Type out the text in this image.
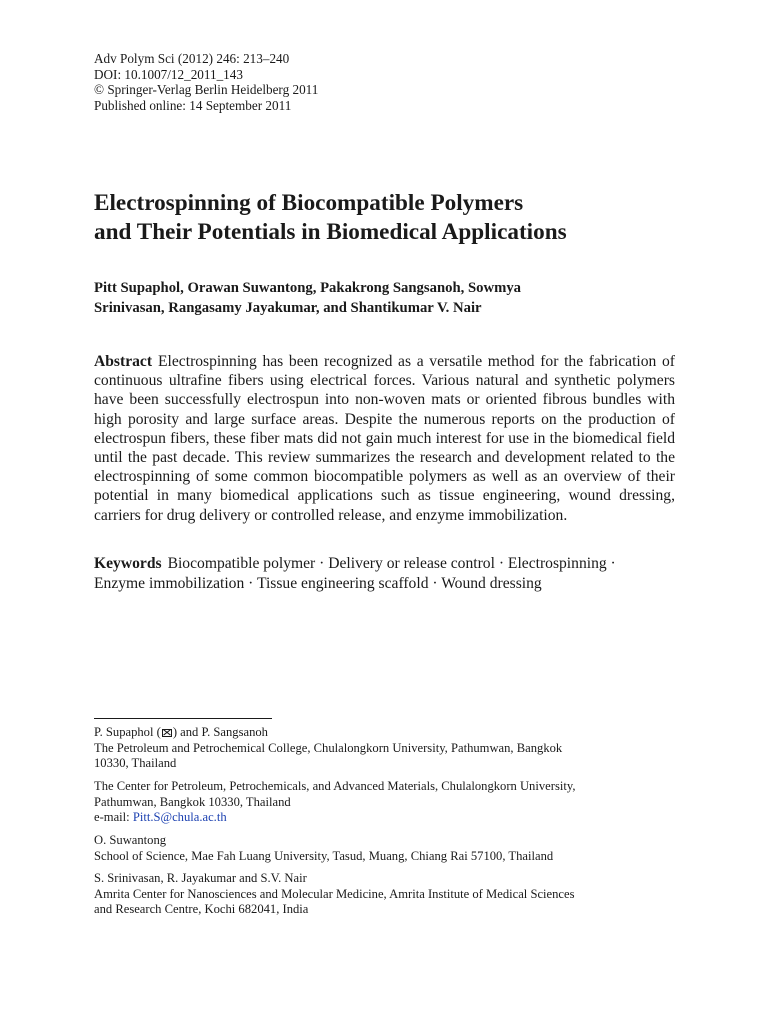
Adv Polym Sci (2012) 246: 213–240
DOI: 10.1007/12_2011_143
© Springer-Verlag Berlin Heidelberg 2011
Published online: 14 September 2011
Electrospinning of Biocompatible Polymers
and Their Potentials in Biomedical Applications
Pitt Supaphol, Orawan Suwantong, Pakakrong Sangsanoh, Sowmya
Srinivasan, Rangasamy Jayakumar, and Shantikumar V. Nair

Abstract Electrospinning has been recognized as a versatile method for the fabrication of continuous ultrafine fibers using electrical forces. Various natural and synthetic polymers have been successfully electrospun into non-woven mats or oriented fibrous bundles with high porosity and large surface areas. Despite the numerous reports on the production of electrospun fibers, these fiber mats did not gain much interest for use in the biomedical field until the past decade. This review summarizes the research and development related to the electrospinning of some common biocompatible polymers as well as an overview of their potential in many biomedical applications such as tissue engineering, wound dressing, carriers for drug delivery or controlled release, and enzyme immobilization.

Keywords Biocompatible polymer · Delivery or release control · Electrospinning ·
Enzyme immobilization · Tissue engineering scaffold · Wound dressing
P. Supaphol ( ) and P. Sangsanoh
The Petroleum and Petrochemical College, Chulalongkorn University, Pathumwan, Bangkok
10330, Thailand
The Center for Petroleum, Petrochemicals, and Advanced Materials, Chulalongkorn University,
Pathumwan, Bangkok 10330, Thailand
e-mail: Pitt.S@chula.ac.th
O. Suwantong
School of Science, Mae Fah Luang University, Tasud, Muang, Chiang Rai 57100, Thailand
S. Srinivasan, R. Jayakumar and S.V. Nair
Amrita Center for Nanosciences and Molecular Medicine, Amrita Institute of Medical Sciences
and Research Centre, Kochi 682041, India
